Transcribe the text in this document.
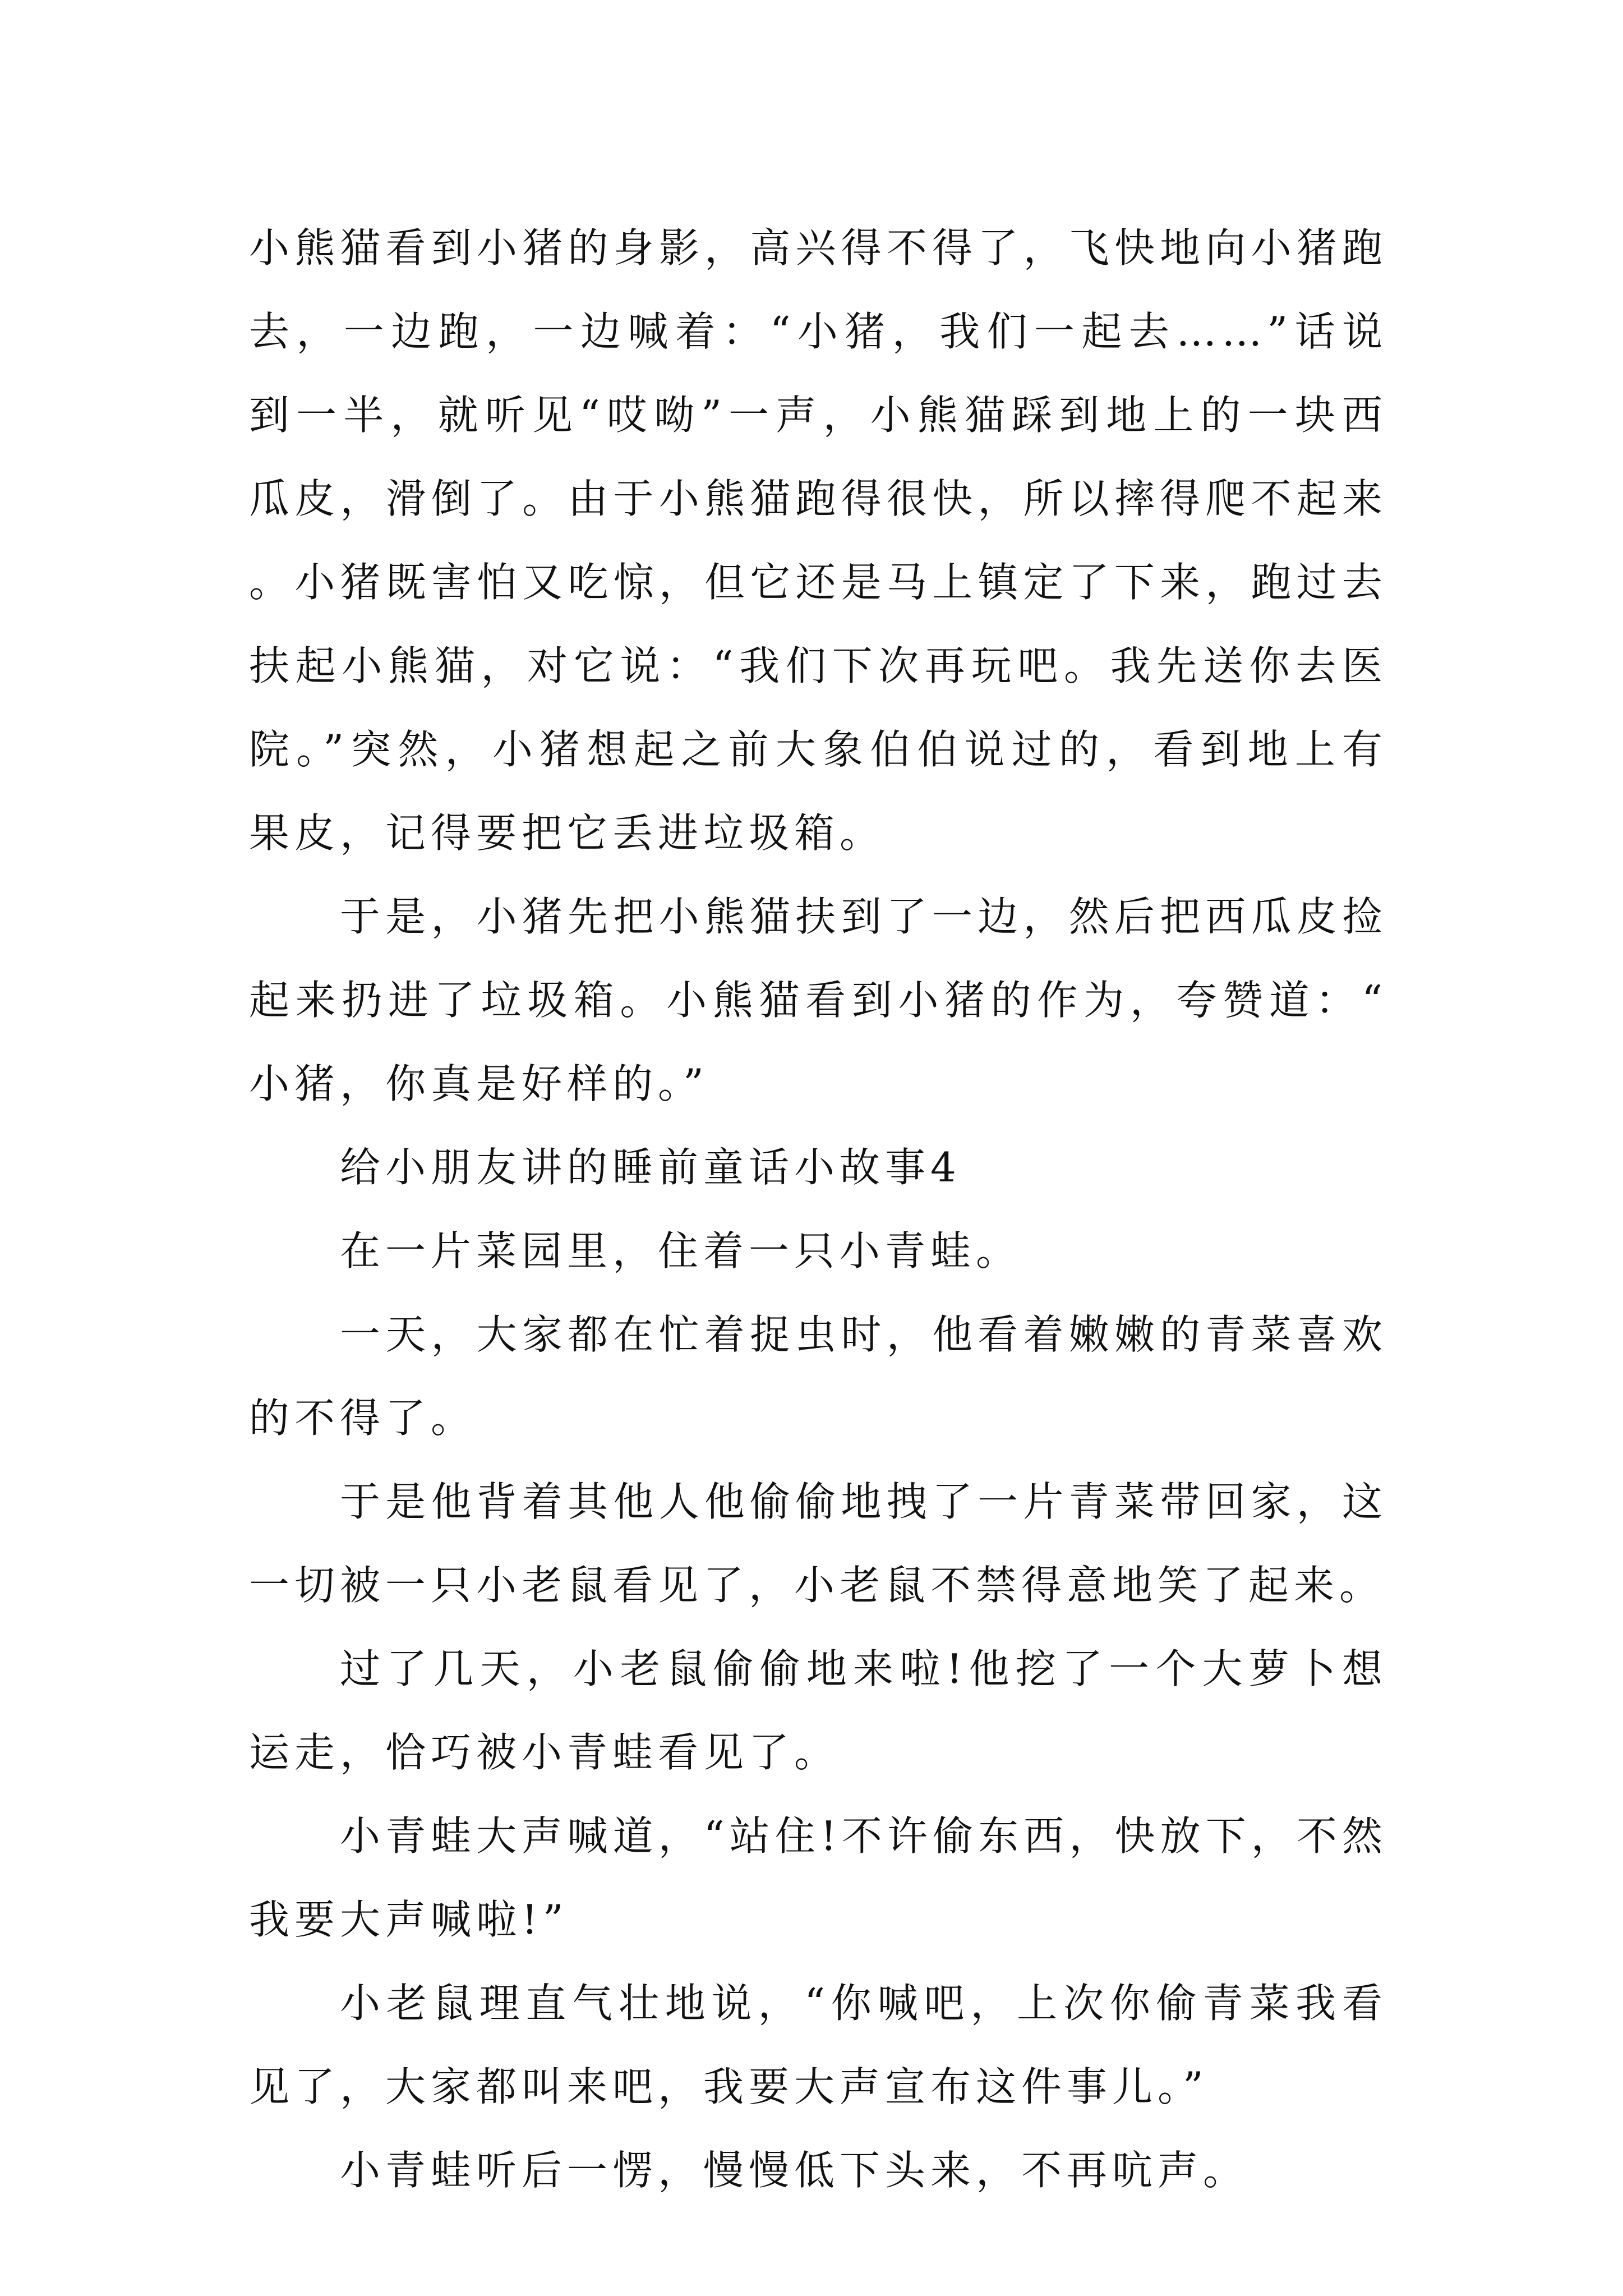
小熊猫看到小猪的身影，高兴得不得了，飞快地向小猪跑去，一边跑，一边喊着：“小猪，我们一起去……”话说到一半，就听见“哎呦”一声，小熊猫踩到地上的一块西瓜皮，滑倒了。由于小熊猫跑得很快，所以摔得爬不起来。小猪既害怕又吃惊，但它还是马上镇定了下来，跑过去扶起小熊猫，对它说：“我们下次再玩吧。我先送你去医院。”突然，小猪想起之前大象伯伯说过的，看到地上有果皮，记得要把它丢进垃圾箱。

于是，小猪先把小熊猫扶到了一边，然后把西瓜皮捡起来扔进了垃圾箱。小熊猫看到小猪的作为，夸赞道：“小猪，你真是好样的。”

给小朋友讲的睡前童话小故事4

在一片菜园里，住着一只小青蛙。

一天，大家都在忙着捉虫时，他看着嫩嫩的青菜喜欢的不得了。

于是他背着其他人他偷偷地拽了一片青菜带回家，这一切被一只小老鼠看见了，小老鼠不禁得意地笑了起来。

过了几天，小老鼠偷偷地来啦!他挖了一个大萝卜想运走，恰巧被小青蛙看见了。

小青蛙大声喊道，“站住!不许偷东西，快放下，不然我要大声喊啦!”

小老鼠理直气壮地说，“你喊吧，上次你偷青菜我看见了，大家都叫来吧，我要大声宣布这件事儿。”

小青蛙听后一愣，慢慢低下头来，不再吭声。
